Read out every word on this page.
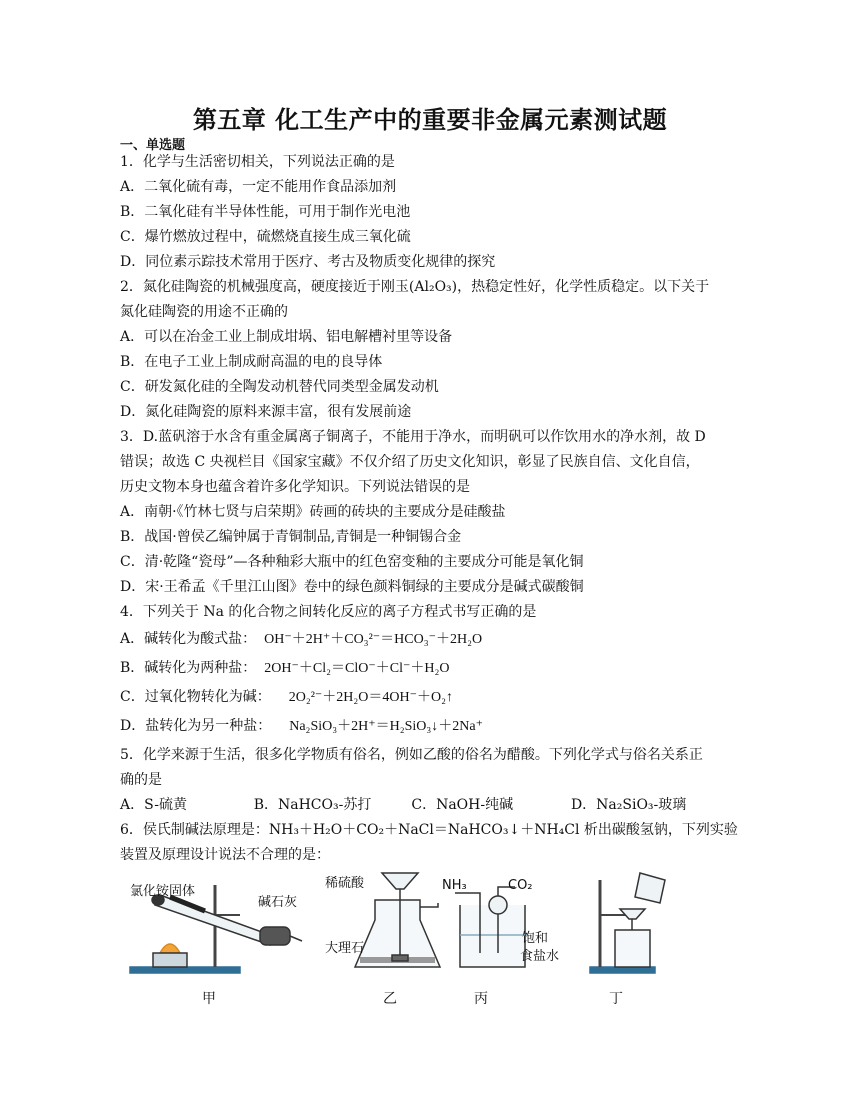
第五章 化工生产中的重要非金属元素测试题
一、单选题
1．化学与生活密切相关，下列说法正确的是
A．二氧化硫有毒，一定不能用作食品添加剂
B．二氧化硅有半导体性能，可用于制作光电池
C．爆竹燃放过程中，硫燃烧直接生成三氧化硫
D．同位素示踪技术常用于医疗、考古及物质变化规律的探究
2．氮化硅陶瓷的机械强度高，硬度接近于刚玉(Al₂O₃)，热稳定性好，化学性质稳定。以下关于
氮化硅陶瓷的用途不正确的
A．可以在冶金工业上制成坩埚、铝电解槽衬里等设备
B．在电子工业上制成耐高温的电的良导体
C．研发氮化硅的全陶发动机替代同类型金属发动机
D．氮化硅陶瓷的原料来源丰富，很有发展前途
3．D.蓝矾溶于水含有重金属离子铜离子，不能用于净水，而明矾可以作饮用水的净水剂，故 D
错误；故选 C 央视栏目《国家宝藏》不仅介绍了历史文化知识，彰显了民族自信、文化自信，
历史文物本身也蕴含着许多化学知识。下列说法错误的是
A．南朝·《竹林七贤与启荣期》砖画的砖块的主要成分是硅酸盐
B．战国·曾侯乙编钟属于青铜制品,青铜是一种铜锡合金
C．清·乾隆“瓷母”—各种釉彩大瓶中的红色窑变釉的主要成分可能是氧化铜
D．宋·王希孟《千里江山图》卷中的绿色颜料铜绿的主要成分是碱式碳酸铜
4．下列关于 Na 的化合物之间转化反应的离子方程式书写正确的是
A．碱转化为酸式盐： OH⁻＋2H⁺＋CO₃²⁻＝HCO₃⁻＋2H₂O
B．碱转化为两种盐： 2OH⁻＋Cl₂＝ClO⁻＋Cl⁻＋H₂O
C．过氧化物转化为碱： 2O₂²⁻＋2H₂O＝4OH⁻＋O₂↑
D．盐转化为另一种盐： Na₂SiO₃＋2H⁺＝H₂SiO₃↓＋2Na⁺
5．化学来源于生活，很多化学物质有俗名，例如乙酸的俗名为醋酸。下列化学式与俗名关系正
确的是
A．S-硫黄               B．NaHCO₃-苏打         C．NaOH-纯碱             D．Na₂SiO₃-玻璃
6．侯氏制碱法原理是：NH₃＋H₂O＋CO₂＋NaCl＝NaHCO₃↓＋NH₄Cl 析出碳酸氢钠，下列实验
装置及原理设计说法不合理的是：
氯化铵固体
碱石灰
稀硫酸
大理石
NH₃	CO₂
饱和
食盐水
甲	乙	丙	丁
